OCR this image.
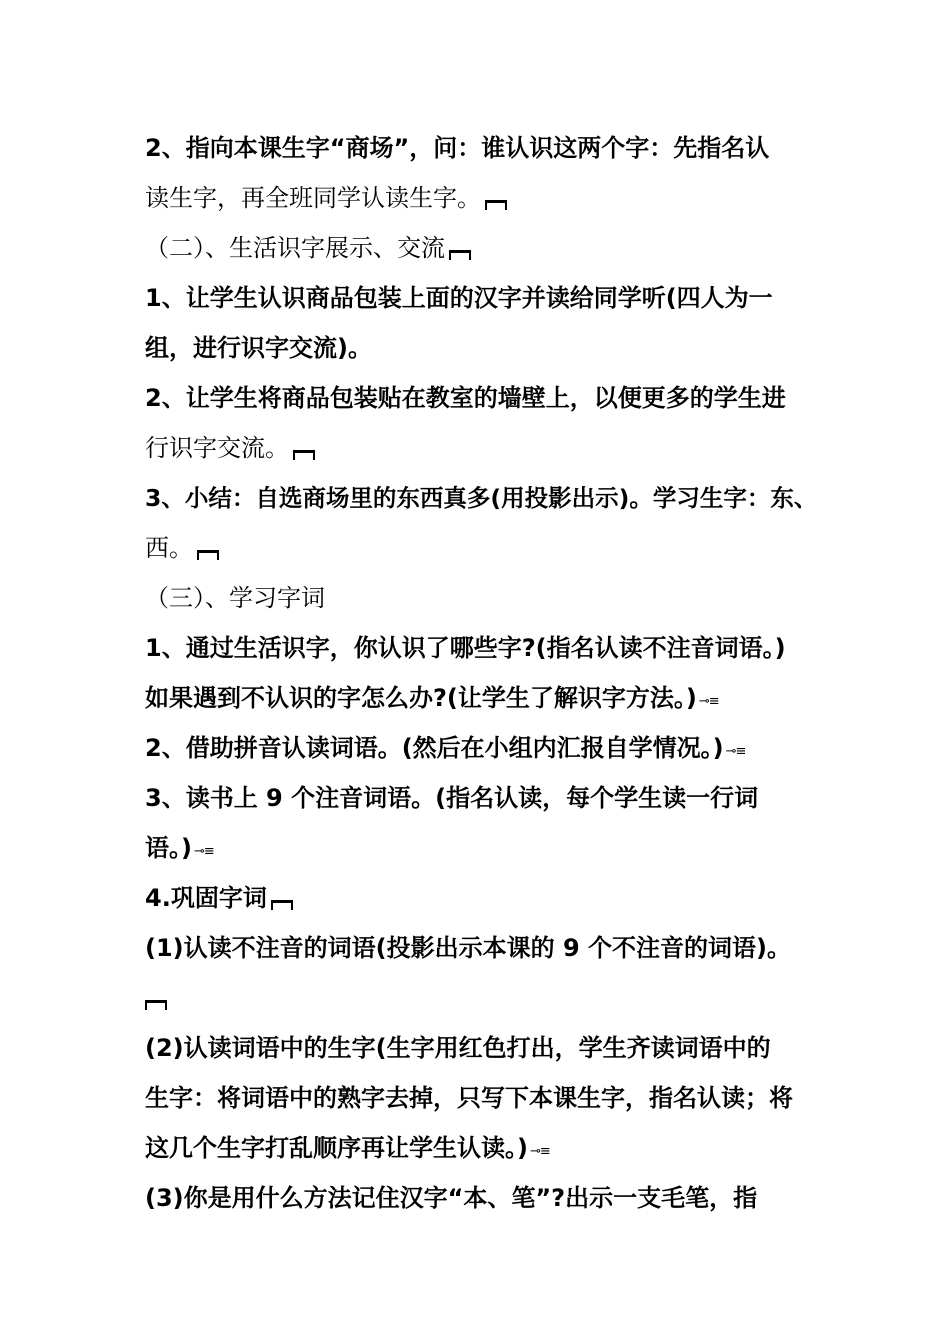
2、指向本课生字“商场”，问：谁认识这两个字：先指名认
读生字，再全班同学认读生字。
（二）、生活识字展示、交流
1、让学生认识商品包装上面的汉字并读给同学听(四人为一
组，进行识字交流)。
2、让学生将商品包装贴在教室的墙壁上，以便更多的学生进
行识字交流。
3、小结：自选商场里的东西真多(用投影出示)。学习生字：东、
西。
（三）、学习字词
1、通过生活识字，你认识了哪些字?(指名认读不注音词语。)
如果遇到不认识的字怎么办?(让学生了解识字方法。) ⊸≡
2、借助拼音认读词语。(然后在小组内汇报自学情况。) ⊸≡
3、读书上 9 个注音词语。(指名认读，每个学生读一行词
语。) ⊸≡
4.巩固字词
(1)认读不注音的词语(投影出示本课的 9 个不注音的词语)。
(2)认读词语中的生字(生字用红色打出，学生齐读词语中的
生字：将词语中的熟字去掉，只写下本课生字，指名认读；将
这几个生字打乱顺序再让学生认读。) ⊸≡
(3)你是用什么方法记住汉字“本、笔”?出示一支毛笔，指
